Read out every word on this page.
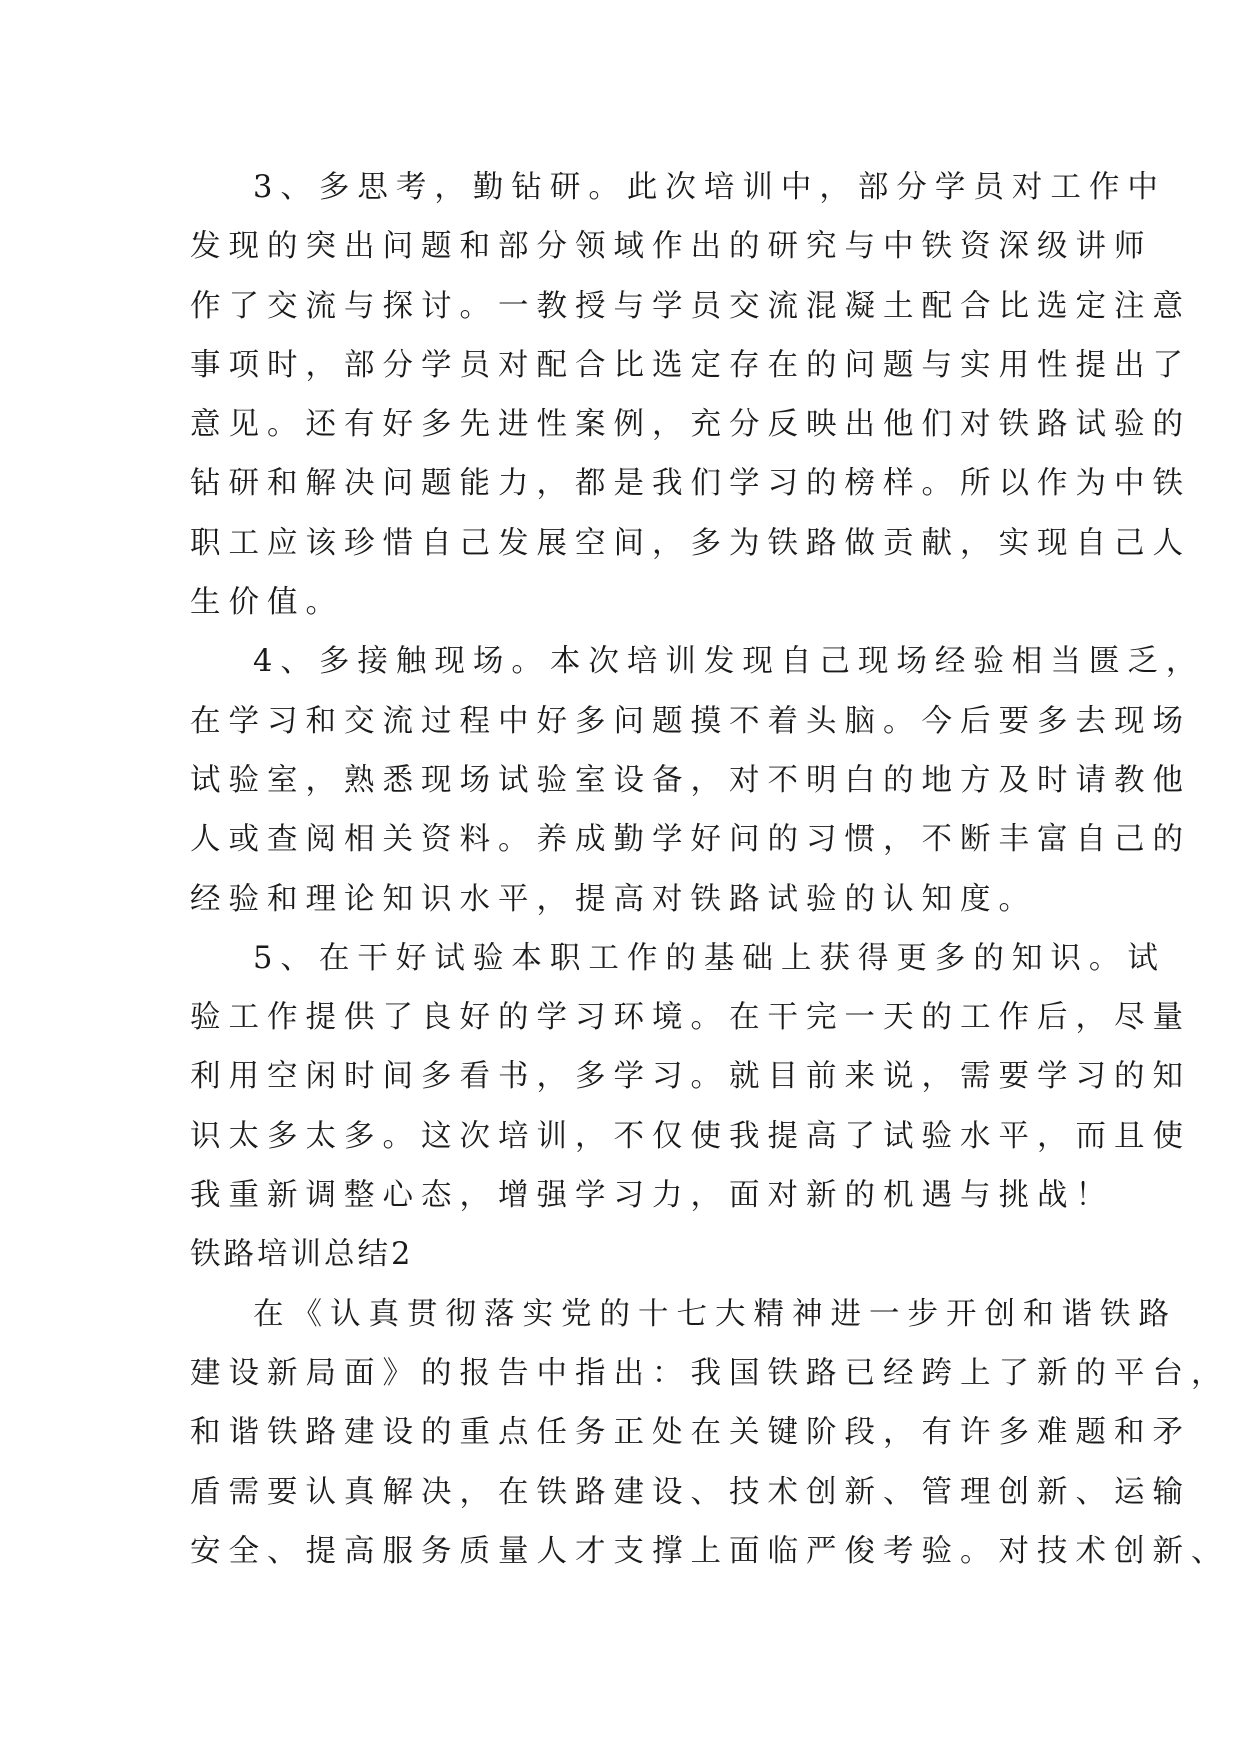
3、多思考，勤钻研。此次培训中，部分学员对工作中

发现的突出问题和部分领域作出的研究与中铁资深级讲师

作了交流与探讨。一教授与学员交流混凝土配合比选定注意

事项时，部分学员对配合比选定存在的问题与实用性提出了

意见。还有好多先进性案例，充分反映出他们对铁路试验的

钻研和解决问题能力，都是我们学习的榜样。所以作为中铁

职工应该珍惜自己发展空间，多为铁路做贡献，实现自己人

生价值。

4、多接触现场。本次培训发现自己现场经验相当匮乏，

在学习和交流过程中好多问题摸不着头脑。今后要多去现场

试验室，熟悉现场试验室设备，对不明白的地方及时请教他

人或查阅相关资料。养成勤学好问的习惯，不断丰富自己的

经验和理论知识水平，提高对铁路试验的认知度。

5、在干好试验本职工作的基础上获得更多的知识。试

验工作提供了良好的学习环境。在干完一天的工作后，尽量

利用空闲时间多看书，多学习。就目前来说，需要学习的知

识太多太多。这次培训，不仅使我提高了试验水平，而且使

我重新调整心态，增强学习力，面对新的机遇与挑战！

铁路培训总结2

在《认真贯彻落实党的十七大精神进一步开创和谐铁路

建设新局面》的报告中指出：我国铁路已经跨上了新的平台，

和谐铁路建设的重点任务正处在关键阶段，有许多难题和矛

盾需要认真解决，在铁路建设、技术创新、管理创新、运输

安全、提高服务质量人才支撑上面临严俊考验。对技术创新、
